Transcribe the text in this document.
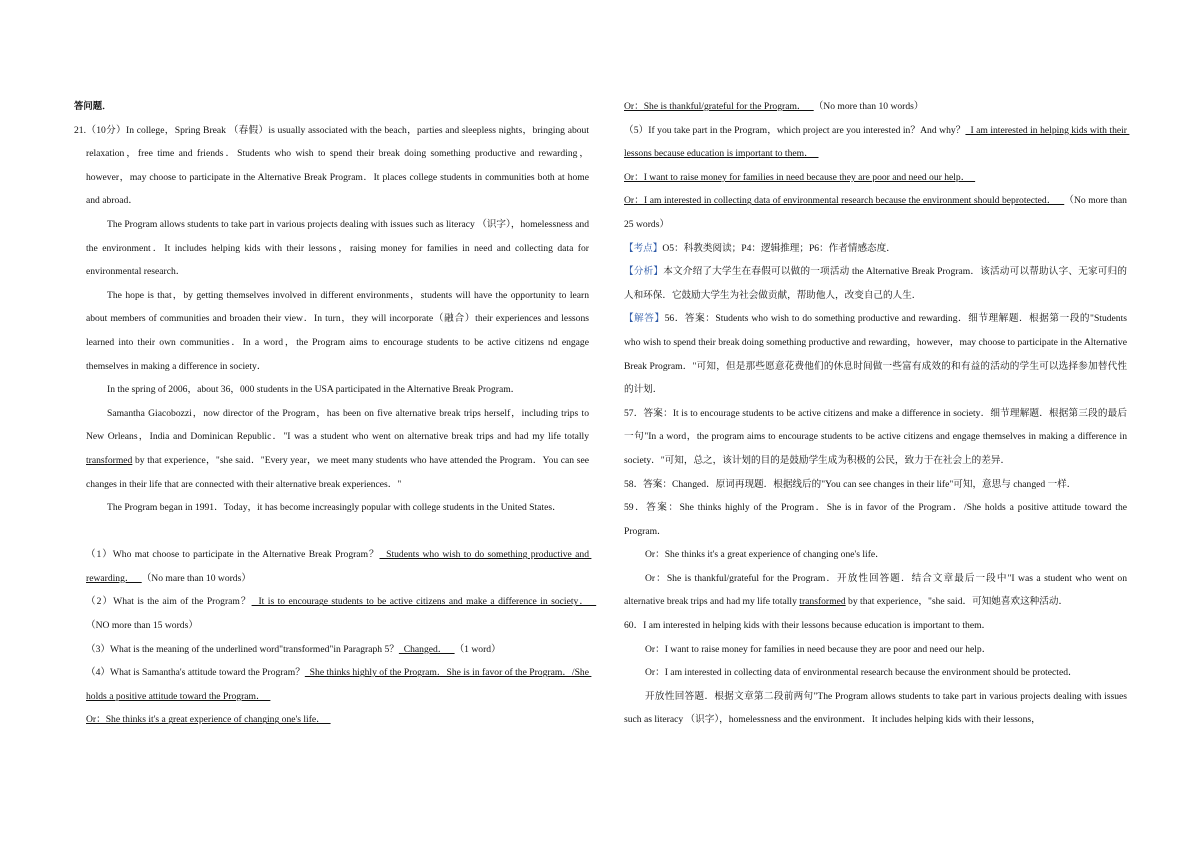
答问题．

21.（10分）In college，Spring Break （春假）is usually associated with the beach，parties and sleepless nights，bringing about relaxation，free time and friends．Students who wish to spend their break doing something productive and rewarding，however，may choose to participate in the Alternative Break Program．It places college students in communities both at home and abroad．

The Program allows students to take part in various projects dealing with issues such as literacy （识字），homelessness and the environment．It includes helping kids with their lessons，raising money for families in need and collecting data for environmental research．

The hope is that，by getting themselves involved in different environments，students will have the opportunity to learn about members of communities and broaden their view．In turn，they will incorporate（融合）their experiences and lessons learned into their own communities．In a word，the Program aims to encourage students to be active citizens nd engage themselves in making a difference in society．

In the spring of 2006，about 36，000 students in the USA participated in the Alternative Break Program．

Samantha Giacobozzi，now director of the Program，has been on five alternative break trips herself，including trips to New Orleans，India and Dominican Republic．"I was a student who went on alternative break trips and had my life totally transformed by that experience，"she said．"Every year，we meet many students who have attended the Program．You can see changes in their life that are connected with their alternative break experiences．"

The Program began in 1991．Today，it has become increasingly popular with college students in the United States．

（1）Who mat choose to participate in the Alternative Break Program？  Students who wish to do something productive and rewarding．   （No mare than 10 words）

（2）What is the aim of the Program？  It is to encourage students to be active citizens and make a difference in society．   （NO more than 15 words）

（3）What is the meaning of the underlined word"transformed"in Paragraph 5？  Changed．   （1 word）

（4）What is Samantha's attitude toward the Program？  She thinks highly of the Program．She is in favor of the Program．/She holds a positive attitude toward the Program．

Or：She thinks it's a great experience of changing one's life．

Or：She is thankful/grateful for the Program．   （No more than 10 words）

（5）If you take part in the Program，which project are you interested in？And why？  I am interested in helping kids with their lessons because education is important to them．

Or：I want to raise money for families in need because they are poor and need our help．

Or：I am interested in collecting data of environmental research because the environment should beprotected．   （No more than 25 words）

【考点】O5：科教类阅读；P4：逻辑推理；P6：作者情感态度．

【分析】本文介绍了大学生在春假可以做的一项活动 the Alternative Break Program．该活动可以帮助认字、无家可归的人和环保．它鼓励大学生为社会做贡献，帮助他人，改变自己的人生．

【解答】56．答案：Students who wish to do something productive and rewarding．细节理解题．根据第一段的"Students who wish to spend their break doing something productive and rewarding，however，may choose to participate in the Alternative Break Program．"可知，但是那些愿意花费他们的休息时间做一些富有成效的和有益的活动的学生可以选择参加替代性的计划．

57．答案：It is to encourage students to be active citizens and make a difference in society．细节理解题．根据第三段的最后一句"In a word，the program aims to encourage students to be active citizens and engage themselves in making a difference in society．"可知，总之，该计划的目的是鼓励学生成为积极的公民，致力于在社会上的差异．

58．答案：Changed．原词再现题．根据线后的"You can see changes in their life"可知，意思与 changed 一样．

59．答案：She thinks highly of the Program．She is in favor of the Program．/She holds a positive attitude toward the Program．

Or：She thinks it's a great experience of changing one's life．

Or：She is thankful/grateful for the Program．开放性回答题．结合文章最后一段中"I was a student who went on alternative break trips and had my life totally transformed by that experience，"she said．可知她喜欢这种活动．

60．I am interested in helping kids with their lessons because education is important to them．

Or：I want to raise money for families in need because they are poor and need our help．

Or：I am interested in collecting data of environmental research because the environment should be protected．

开放性回答题．根据文章第二段前两句"The Program allows students to take part in various projects dealing with issues such as literacy （识字），homelessness and the environment．It includes helping kids with their lessons，
